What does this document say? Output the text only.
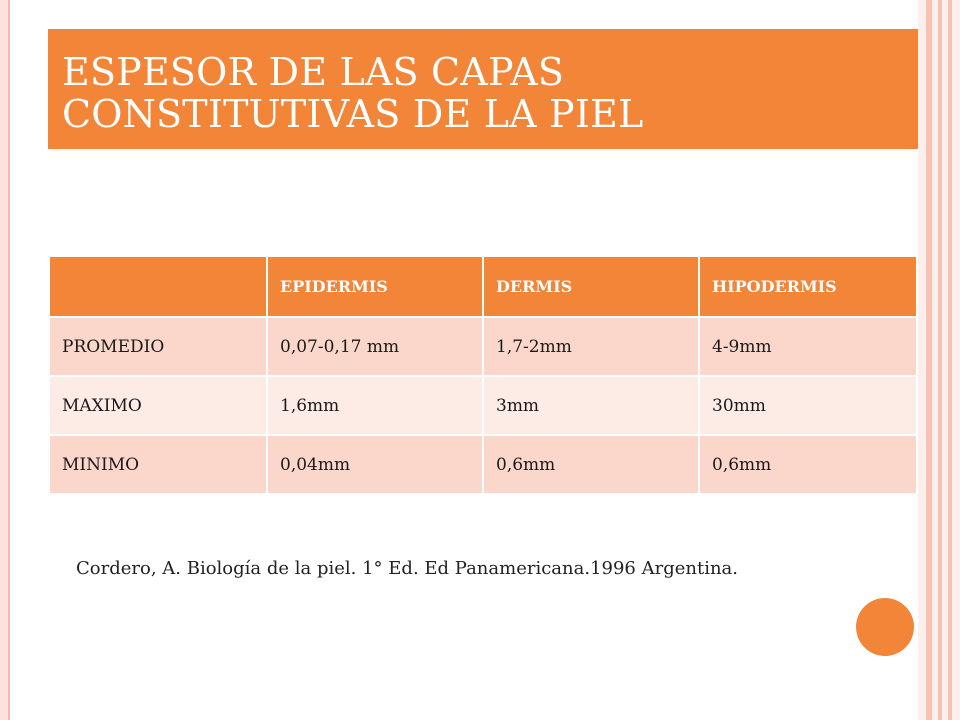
ESPESOR DE LAS CAPAS
CONSTITUTIVAS DE LA PIEL
	EPIDERMIS	DERMIS	HIPODERMIS
PROMEDIO	0,07-0,17 mm	1,7-2mm	4-9mm
MAXIMO	1,6mm	3mm	30mm
MINIMO	0,04mm	0,6mm	0,6mm

Cordero, A. Biología de la piel. 1° Ed. Ed Panamericana.1996 Argentina.
